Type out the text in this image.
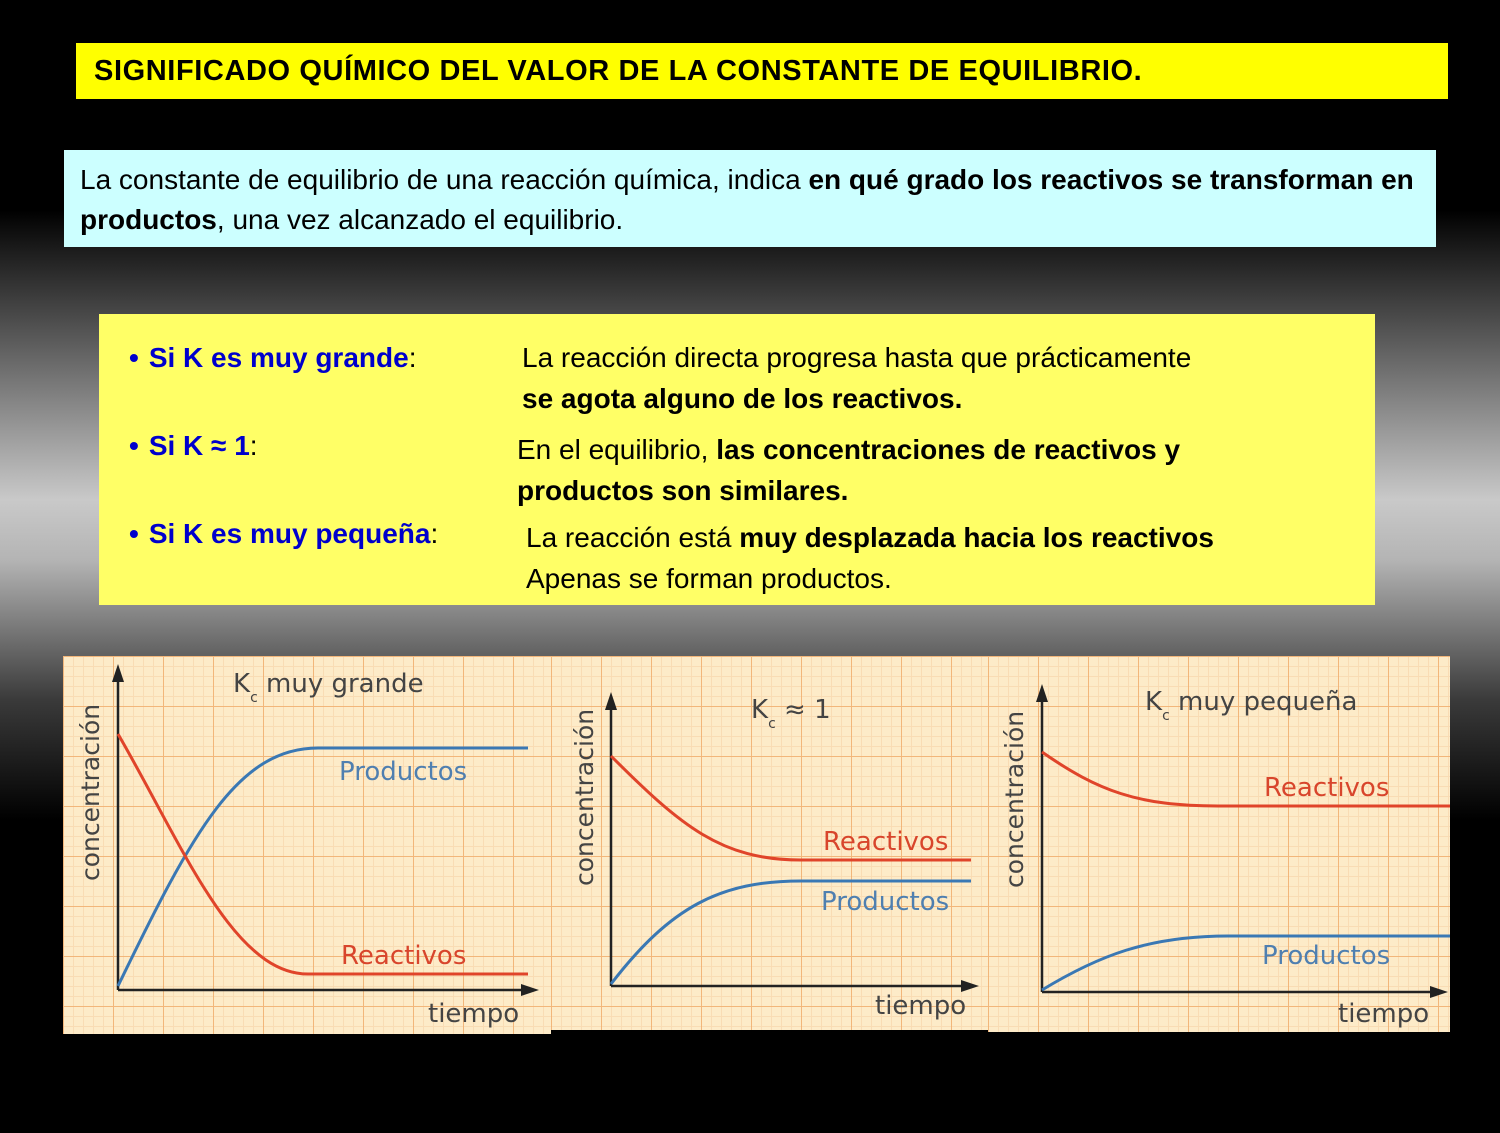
SIGNIFICADO QUÍMICO DEL VALOR DE LA CONSTANTE DE EQUILIBRIO.
La constante de equilibrio de una reacción química, indica en qué grado los reactivos se transforman en productos, una vez alcanzado el equilibrio.
• Si K es muy grande:	La reacción directa progresa hasta que prácticamente
se agota alguno de los reactivos.
• Si K ≈ 1:	En el equilibrio, las concentraciones de reactivos y
productos son similares.
• Si K es muy pequeña:	La reacción está muy desplazada hacia los reactivos
Apenas se forman productos.
$K_c$ muy grande
concentración
tiempo
Productos
Reactivos
$K_c \approx 1$
concentración
tiempo
Reactivos
Productos
$K_c$ muy pequeña
concentración
tiempo
Reactivos
Productos
